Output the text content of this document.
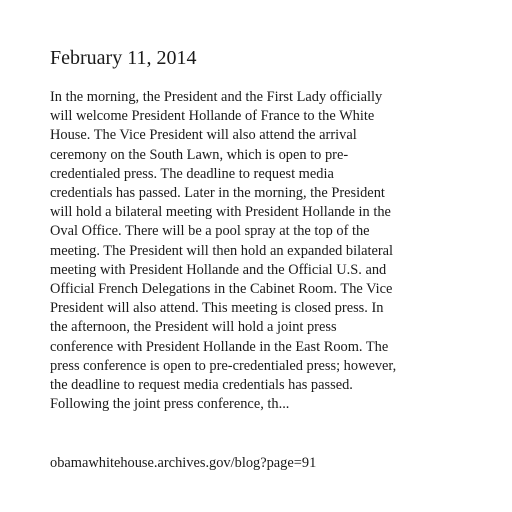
February 11, 2014
In the morning, the President and the First Lady officially
will welcome President Hollande of France to the White
House. The Vice President will also attend the arrival
ceremony on the South Lawn, which is open to pre-
credentialed press. The deadline to request media
credentials has passed. Later in the morning, the President
will hold a bilateral meeting with President Hollande in the
Oval Office. There will be a pool spray at the top of the
meeting. The President will then hold an expanded bilateral
meeting with President Hollande and the Official U.S. and
Official French Delegations in the Cabinet Room. The Vice
President will also attend. This meeting is closed press. In
the afternoon, the President will hold a joint press
conference with President Hollande in the East Room. The
press conference is open to pre-credentialed press; however,
the deadline to request media credentials has passed.
Following the joint press conference, th...

obamawhitehouse.archives.gov/blog?page=91
